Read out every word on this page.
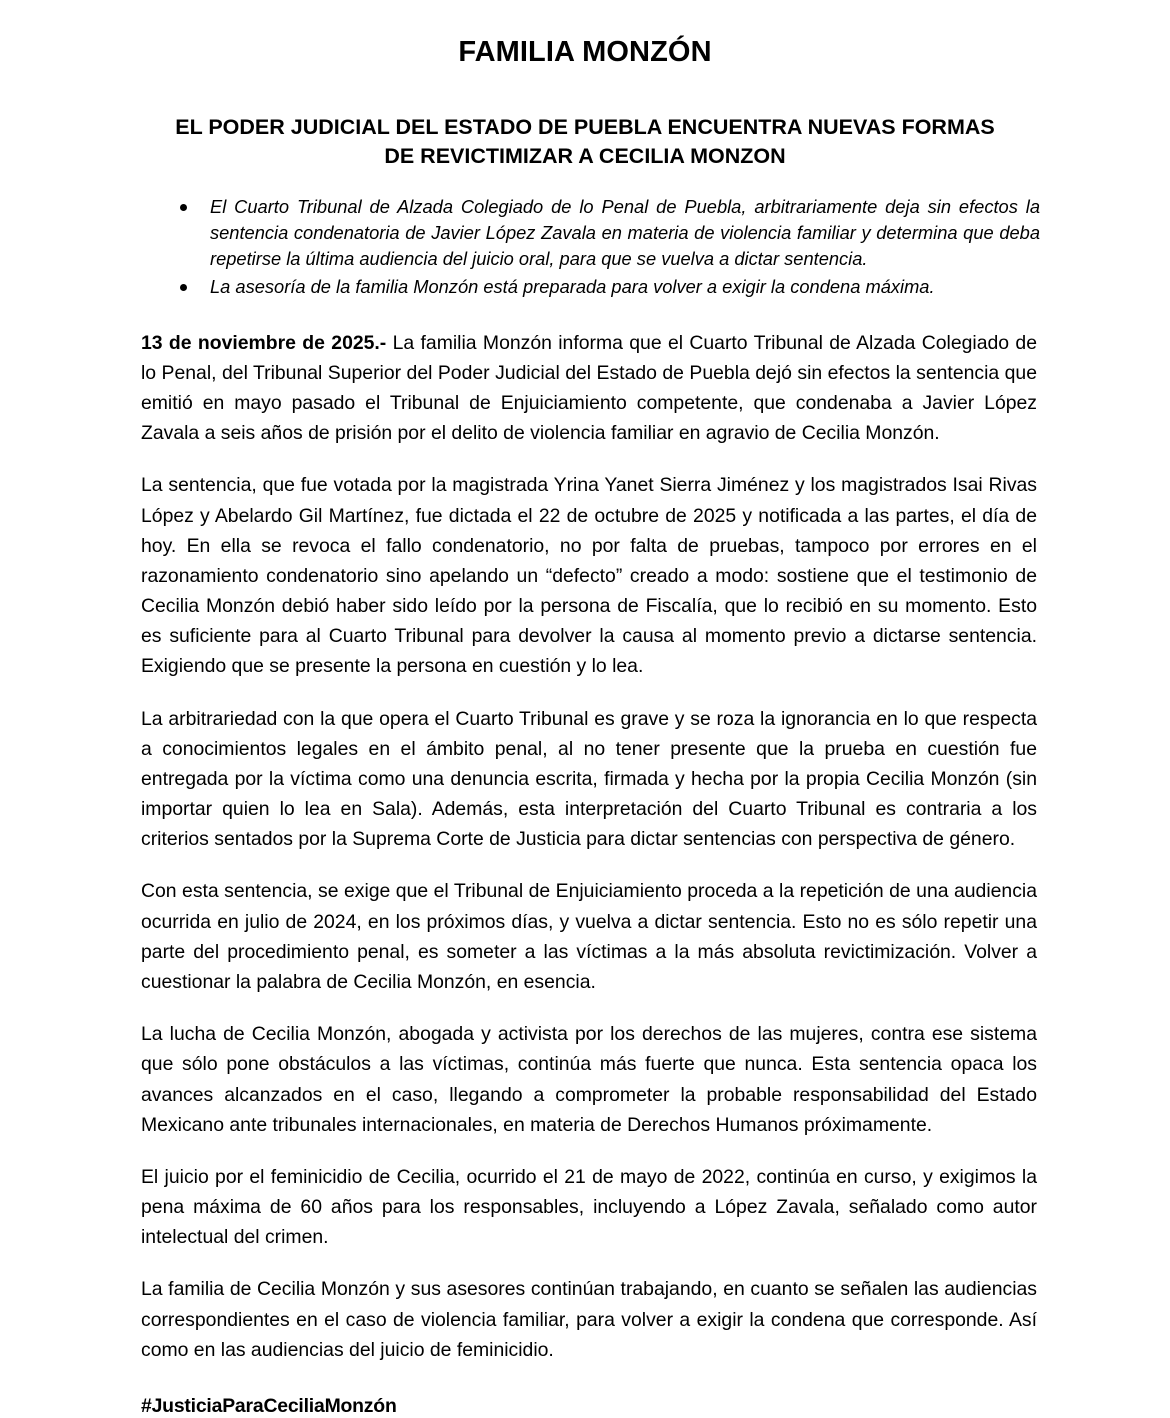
FAMILIA MONZÓN
EL PODER JUDICIAL DEL ESTADO DE PUEBLA ENCUENTRA NUEVAS FORMAS DE REVICTIMIZAR A CECILIA MONZON
El Cuarto Tribunal de Alzada Colegiado de lo Penal de Puebla, arbitrariamente deja sin efectos la sentencia condenatoria de Javier López Zavala en materia de violencia familiar y determina que deba repetirse la última audiencia del juicio oral, para que se vuelva a dictar sentencia.
La asesoría de la familia Monzón está preparada para volver a exigir la condena máxima.

13 de noviembre de 2025.- La familia Monzón informa que el Cuarto Tribunal de Alzada Colegiado de lo Penal, del Tribunal Superior del Poder Judicial del Estado de Puebla dejó sin efectos la sentencia que emitió en mayo pasado el Tribunal de Enjuiciamiento competente, que condenaba a Javier López Zavala a seis años de prisión por el delito de violencia familiar en agravio de Cecilia Monzón.

La sentencia, que fue votada por la magistrada Yrina Yanet Sierra Jiménez y los magistrados Isai Rivas López y Abelardo Gil Martínez, fue dictada el 22 de octubre de 2025 y notificada a las partes, el día de hoy. En ella se revoca el fallo condenatorio, no por falta de pruebas, tampoco por errores en el razonamiento condenatorio sino apelando un “defecto” creado a modo: sostiene que el testimonio de Cecilia Monzón debió haber sido leído por la persona de Fiscalía, que lo recibió en su momento. Esto es suficiente para al Cuarto Tribunal para devolver la causa al momento previo a dictarse sentencia. Exigiendo que se presente la persona en cuestión y lo lea.

La arbitrariedad con la que opera el Cuarto Tribunal es grave y se roza la ignorancia en lo que respecta a conocimientos legales en el ámbito penal, al no tener presente que la prueba en cuestión fue entregada por la víctima como una denuncia escrita, firmada y hecha por la propia Cecilia Monzón (sin importar quien lo lea en Sala). Además, esta interpretación del Cuarto Tribunal es contraria a los criterios sentados por la Suprema Corte de Justicia para dictar sentencias con perspectiva de género.

Con esta sentencia, se exige que el Tribunal de Enjuiciamiento proceda a la repetición de una audiencia ocurrida en julio de 2024, en los próximos días, y vuelva a dictar sentencia. Esto no es sólo repetir una parte del procedimiento penal, es someter a las víctimas a la más absoluta revictimización. Volver a cuestionar la palabra de Cecilia Monzón, en esencia.

La lucha de Cecilia Monzón, abogada y activista por los derechos de las mujeres, contra ese sistema que sólo pone obstáculos a las víctimas, continúa más fuerte que nunca. Esta sentencia opaca los avances alcanzados en el caso, llegando a comprometer la probable responsabilidad del Estado Mexicano ante tribunales internacionales, en materia de Derechos Humanos próximamente.

El juicio por el feminicidio de Cecilia, ocurrido el 21 de mayo de 2022, continúa en curso, y exigimos la pena máxima de 60 años para los responsables, incluyendo a López Zavala, señalado como autor intelectual del crimen.

La familia de Cecilia Monzón y sus asesores continúan trabajando, en cuanto se señalen las audiencias correspondientes en el caso de violencia familiar, para volver a exigir la condena que corresponde. Así como en las audiencias del juicio de feminicidio.

#JusticiaParaCeciliaMonzón
